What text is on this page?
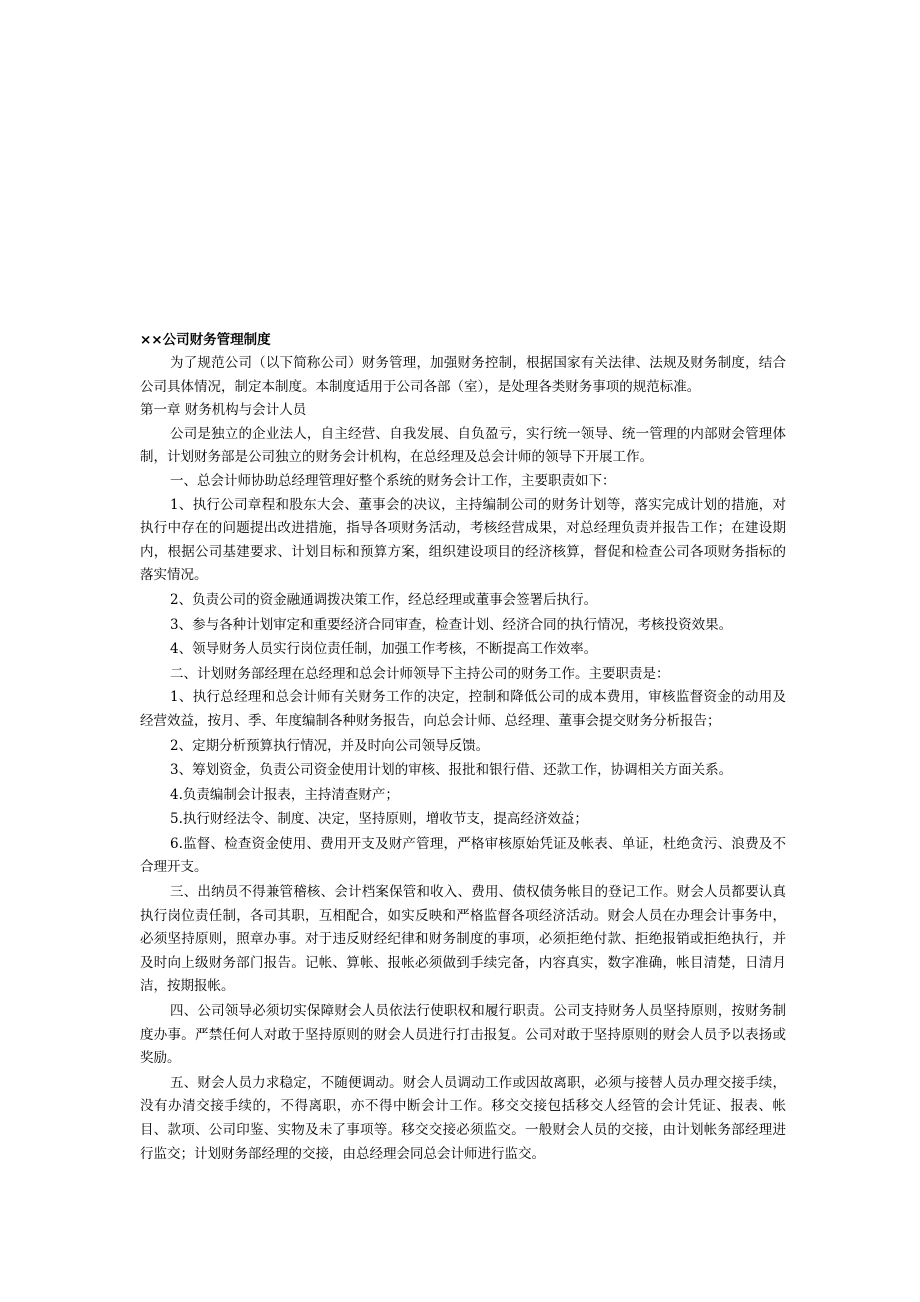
××公司财务管理制度

为了规范公司（以下简称公司）财务管理，加强财务控制，根据国家有关法律、法规及财务制度，结合公司具体情况，制定本制度。本制度适用于公司各部（室），是处理各类财务事项的规范标准。

第一章 财务机构与会计人员

公司是独立的企业法人，自主经营、自我发展、自负盈亏，实行统一领导、统一管理的内部财会管理体制，计划财务部是公司独立的财务会计机构，在总经理及总会计师的领导下开展工作。

一、总会计师协助总经理管理好整个系统的财务会计工作，主要职责如下：

1、执行公司章程和股东大会、董事会的决议，主持编制公司的财务计划等，落实完成计划的措施，对执行中存在的问题提出改进措施，指导各项财务活动，考核经营成果，对总经理负责并报告工作；在建设期内，根据公司基建要求、计划目标和预算方案，组织建设项目的经济核算，督促和检查公司各项财务指标的落实情况。

2、负责公司的资金融通调拨决策工作，经总经理或董事会签署后执行。

3、参与各种计划审定和重要经济合同审查，检查计划、经济合同的执行情况，考核投资效果。

4、领导财务人员实行岗位责任制，加强工作考核，不断提高工作效率。

二、计划财务部经理在总经理和总会计师领导下主持公司的财务工作。主要职责是：

1、执行总经理和总会计师有关财务工作的决定，控制和降低公司的成本费用，审核监督资金的动用及经营效益，按月、季、年度编制各种财务报告，向总会计师、总经理、董事会提交财务分析报告；

2、定期分析预算执行情况，并及时向公司领导反馈。

3、筹划资金，负责公司资金使用计划的审核、报批和银行借、还款工作，协调相关方面关系。

4.负责编制会计报表，主持清查财产；

5.执行财经法令、制度、决定，坚持原则，增收节支，提高经济效益；

6.监督、检查资金使用、费用开支及财产管理，严格审核原始凭证及帐表、单证，杜绝贪污、浪费及不合理开支。

三、出纳员不得兼管稽核、会计档案保管和收入、费用、债权债务帐目的登记工作。财会人员都要认真执行岗位责任制，各司其职，互相配合，如实反映和严格监督各项经济活动。财会人员在办理会计事务中，必须坚持原则，照章办事。对于违反财经纪律和财务制度的事项，必须拒绝付款、拒绝报销或拒绝执行，并及时向上级财务部门报告。记帐、算帐、报帐必须做到手续完备，内容真实，数字准确，帐目清楚，日清月洁，按期报帐。

四、公司领导必须切实保障财会人员依法行使职权和履行职责。公司支持财务人员坚持原则，按财务制度办事。严禁任何人对敢于坚持原则的财会人员进行打击报复。公司对敢于坚持原则的财会人员予以表扬或奖励。

五、财会人员力求稳定，不随便调动。财会人员调动工作或因故离职，必须与接替人员办理交接手续，没有办清交接手续的，不得离职，亦不得中断会计工作。移交交接包括移交人经管的会计凭证、报表、帐目、款项、公司印鉴、实物及未了事项等。移交交接必须监交。一般财会人员的交接，由计划帐务部经理进行监交；计划财务部经理的交接，由总经理会同总会计师进行监交。
